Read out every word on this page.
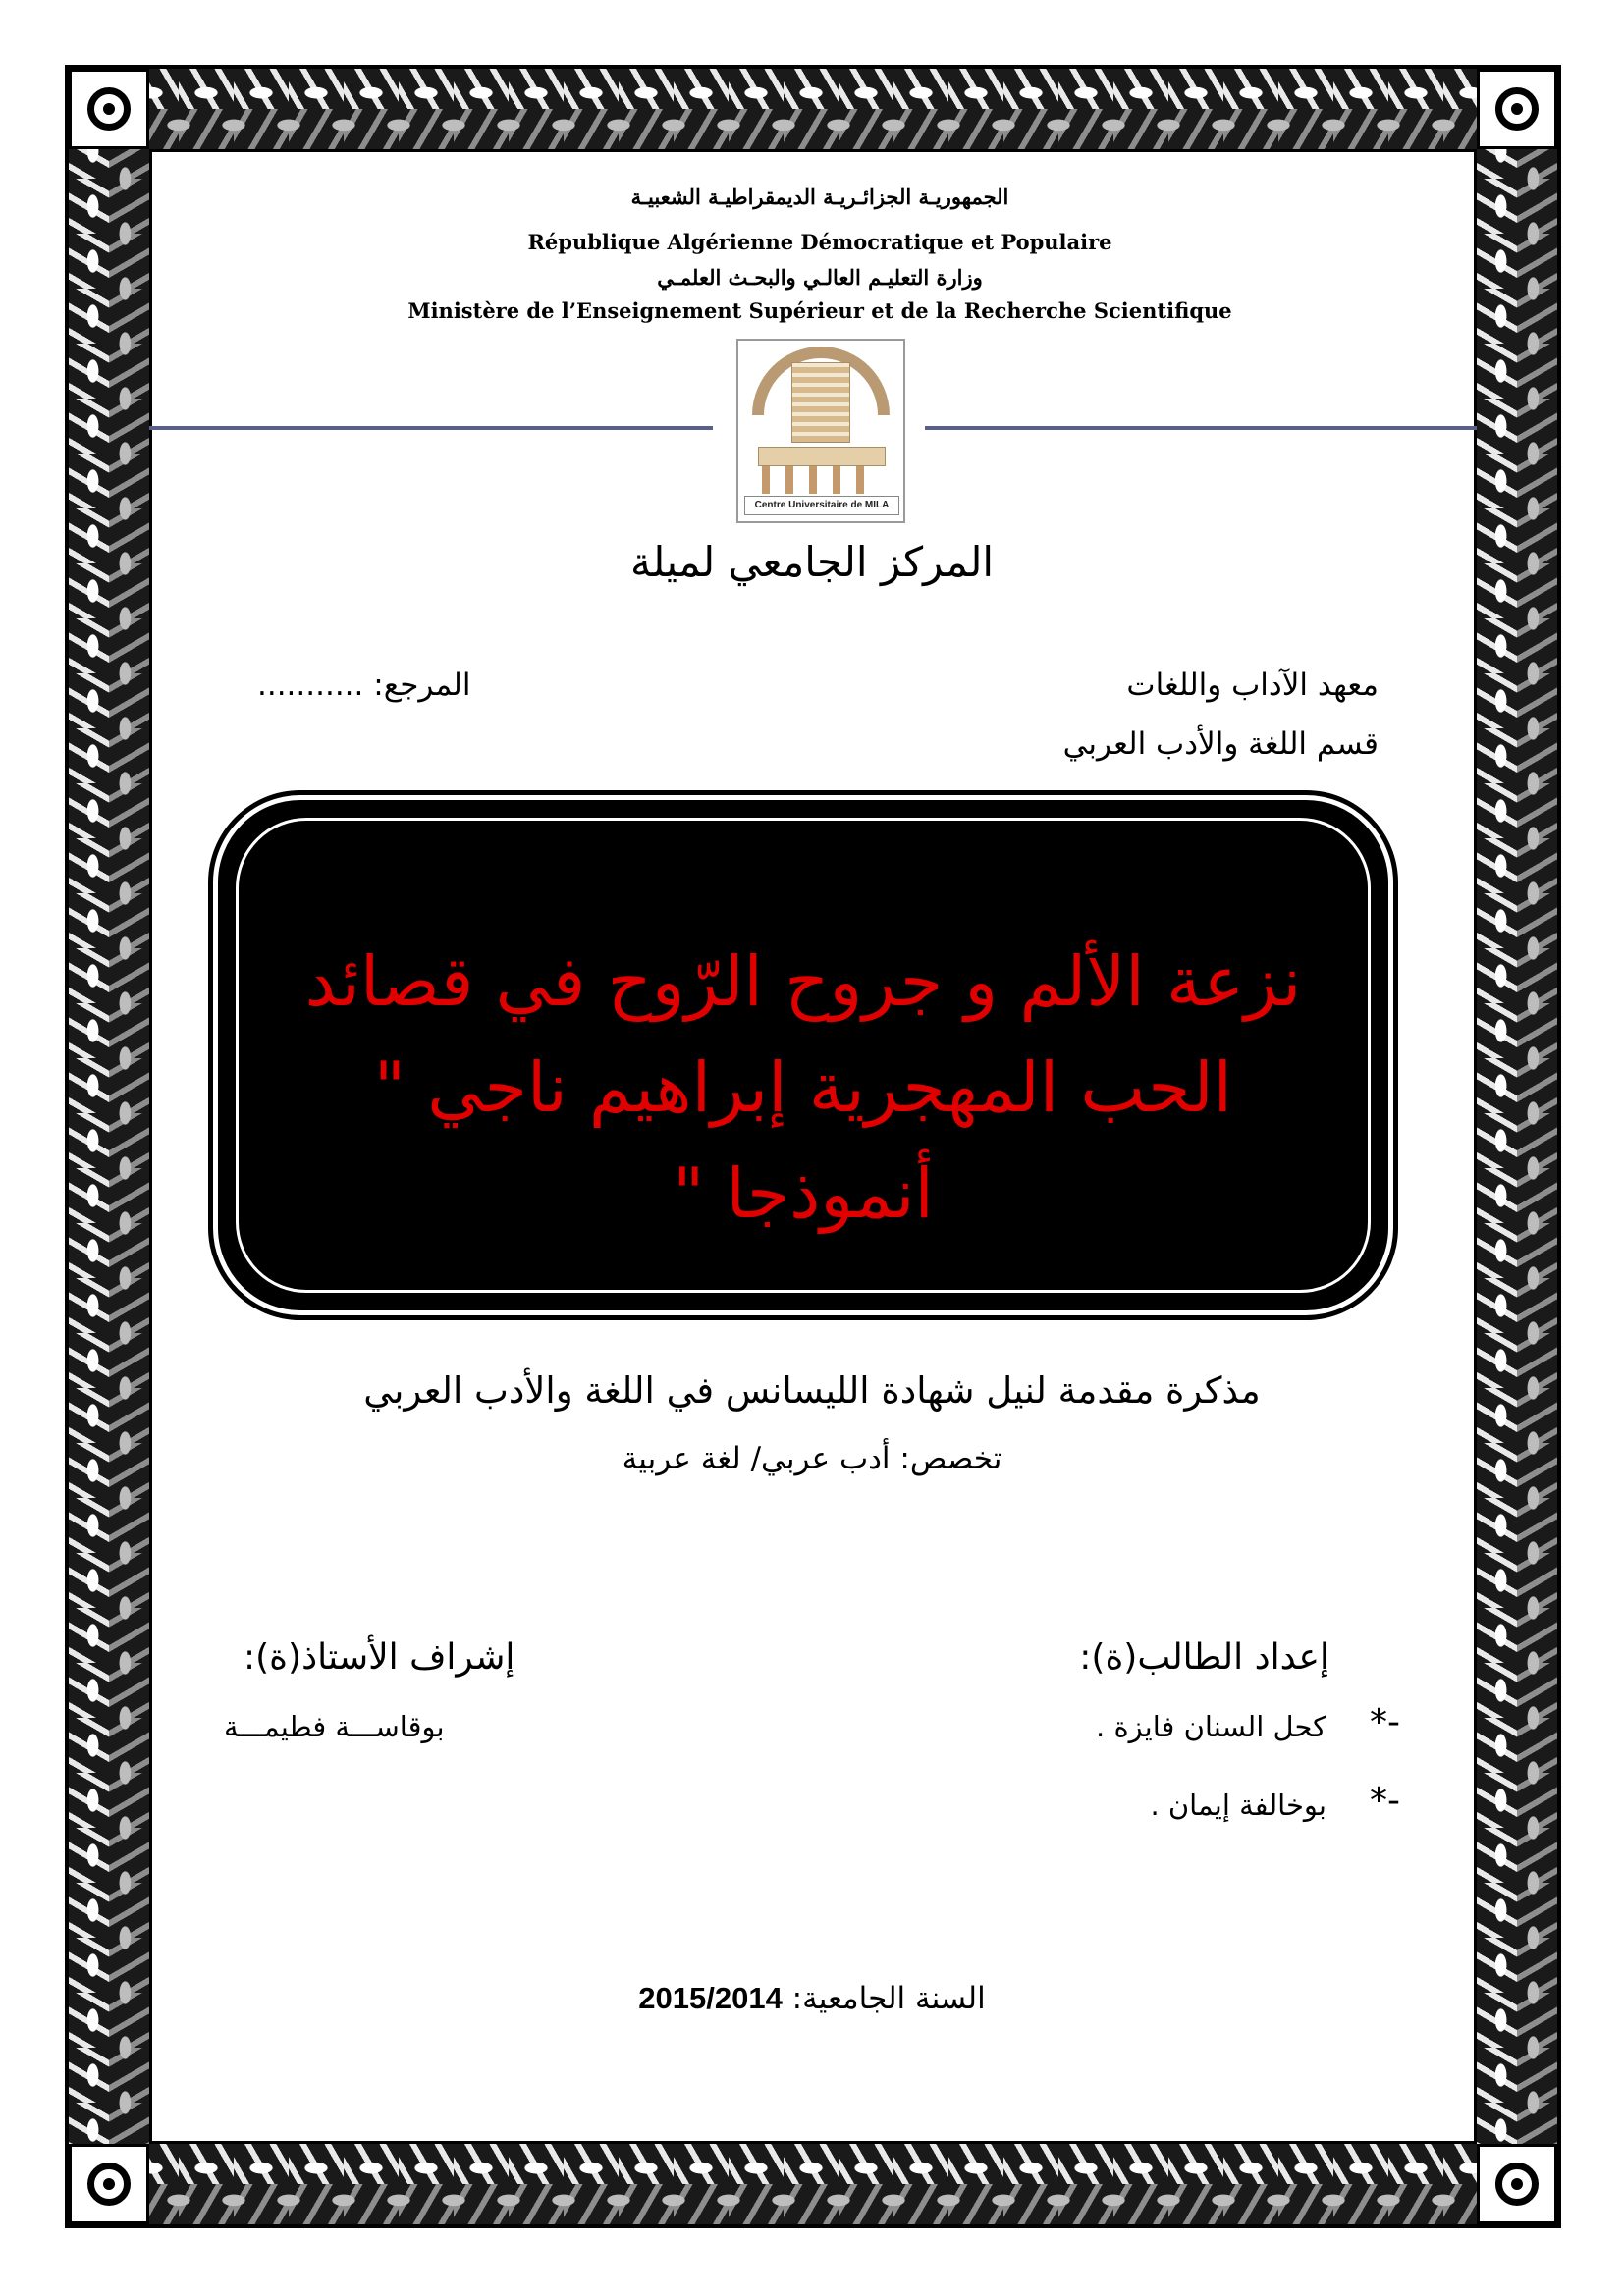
الجمهوريـة الجزائـريـة الديمقراطيـة الشعبيـة
République Algérienne Démocratique et Populaire
وزارة التعليـم العالـي والبحـث العلمـي
Ministère de l’Enseignement Supérieur et de la Recherche Scientifique
Centre Universitaire de MILA
المركز الجامعي لميلة
معهد الآداب واللغات
قسم اللغة والأدب العربي
المرجع: ...........
نزعة الألم و جروح الرّوح في قصائد الحب المهجرية إبراهيم ناجي " أنموذجا "
مذكرة مقدمة لنيل شهادة الليسانس في اللغة والأدب العربي
تخصص: أدب عربي/ لغة عربية
إعداد الطالب(ة):
إشراف الأستاذ(ة):
*-
كحل السنان فايزة .
*-
بوخالفة إيمان .
بوقاســـة فطيمـــة
السنة الجامعية: 2015/2014
